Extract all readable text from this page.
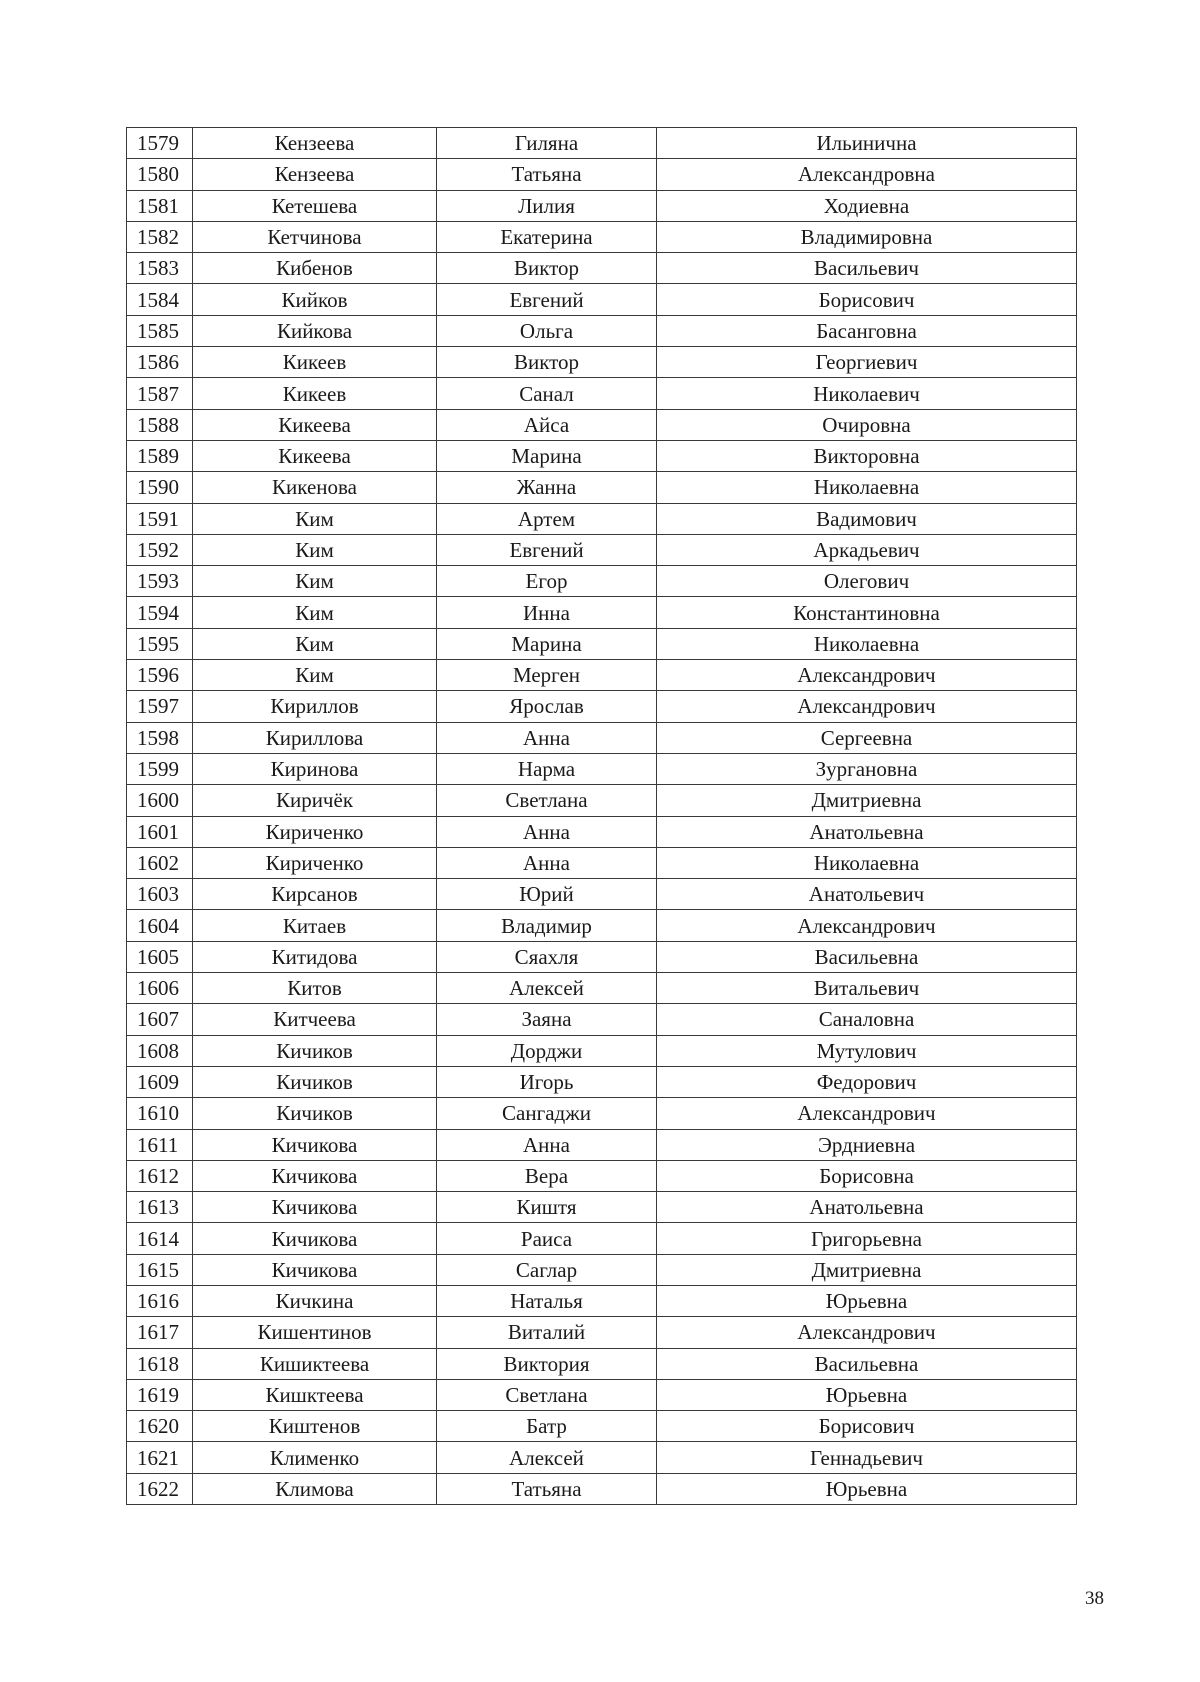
1579	Кензеева	Гиляна	Ильинична
1580	Кензеева	Татьяна	Александровна
1581	Кетешева	Лилия	Ходиевна
1582	Кетчинова	Екатерина	Владимировна
1583	Кибенов	Виктор	Васильевич
1584	Кийков	Евгений	Борисович
1585	Кийкова	Ольга	Басанговна
1586	Кикеев	Виктор	Георгиевич
1587	Кикеев	Санал	Николаевич
1588	Кикеева	Айса	Очировна
1589	Кикеева	Марина	Викторовна
1590	Кикенова	Жанна	Николаевна
1591	Ким	Артем	Вадимович
1592	Ким	Евгений	Аркадьевич
1593	Ким	Егор	Олегович
1594	Ким	Инна	Константиновна
1595	Ким	Марина	Николаевна
1596	Ким	Мерген	Александрович
1597	Кириллов	Ярослав	Александрович
1598	Кириллова	Анна	Сергеевна
1599	Киринова	Нарма	Зургановна
1600	Киричёк	Светлана	Дмитриевна
1601	Кириченко	Анна	Анатольевна
1602	Кириченко	Анна	Николаевна
1603	Кирсанов	Юрий	Анатольевич
1604	Китаев	Владимир	Александрович
1605	Китидова	Сяахля	Васильевна
1606	Китов	Алексей	Витальевич
1607	Китчеева	Заяна	Саналовна
1608	Кичиков	Дорджи	Мутулович
1609	Кичиков	Игорь	Федорович
1610	Кичиков	Сангаджи	Александрович
1611	Кичикова	Анна	Эрдниевна
1612	Кичикова	Вера	Борисовна
1613	Кичикова	Киштя	Анатольевна
1614	Кичикова	Раиса	Григорьевна
1615	Кичикова	Саглар	Дмитриевна
1616	Кичкина	Наталья	Юрьевна
1617	Кишентинов	Виталий	Александрович
1618	Кишиктеева	Виктория	Васильевна
1619	Кишктеева	Светлана	Юрьевна
1620	Киштенов	Батр	Борисович
1621	Клименко	Алексей	Геннадьевич
1622	Климова	Татьяна	Юрьевна
38
